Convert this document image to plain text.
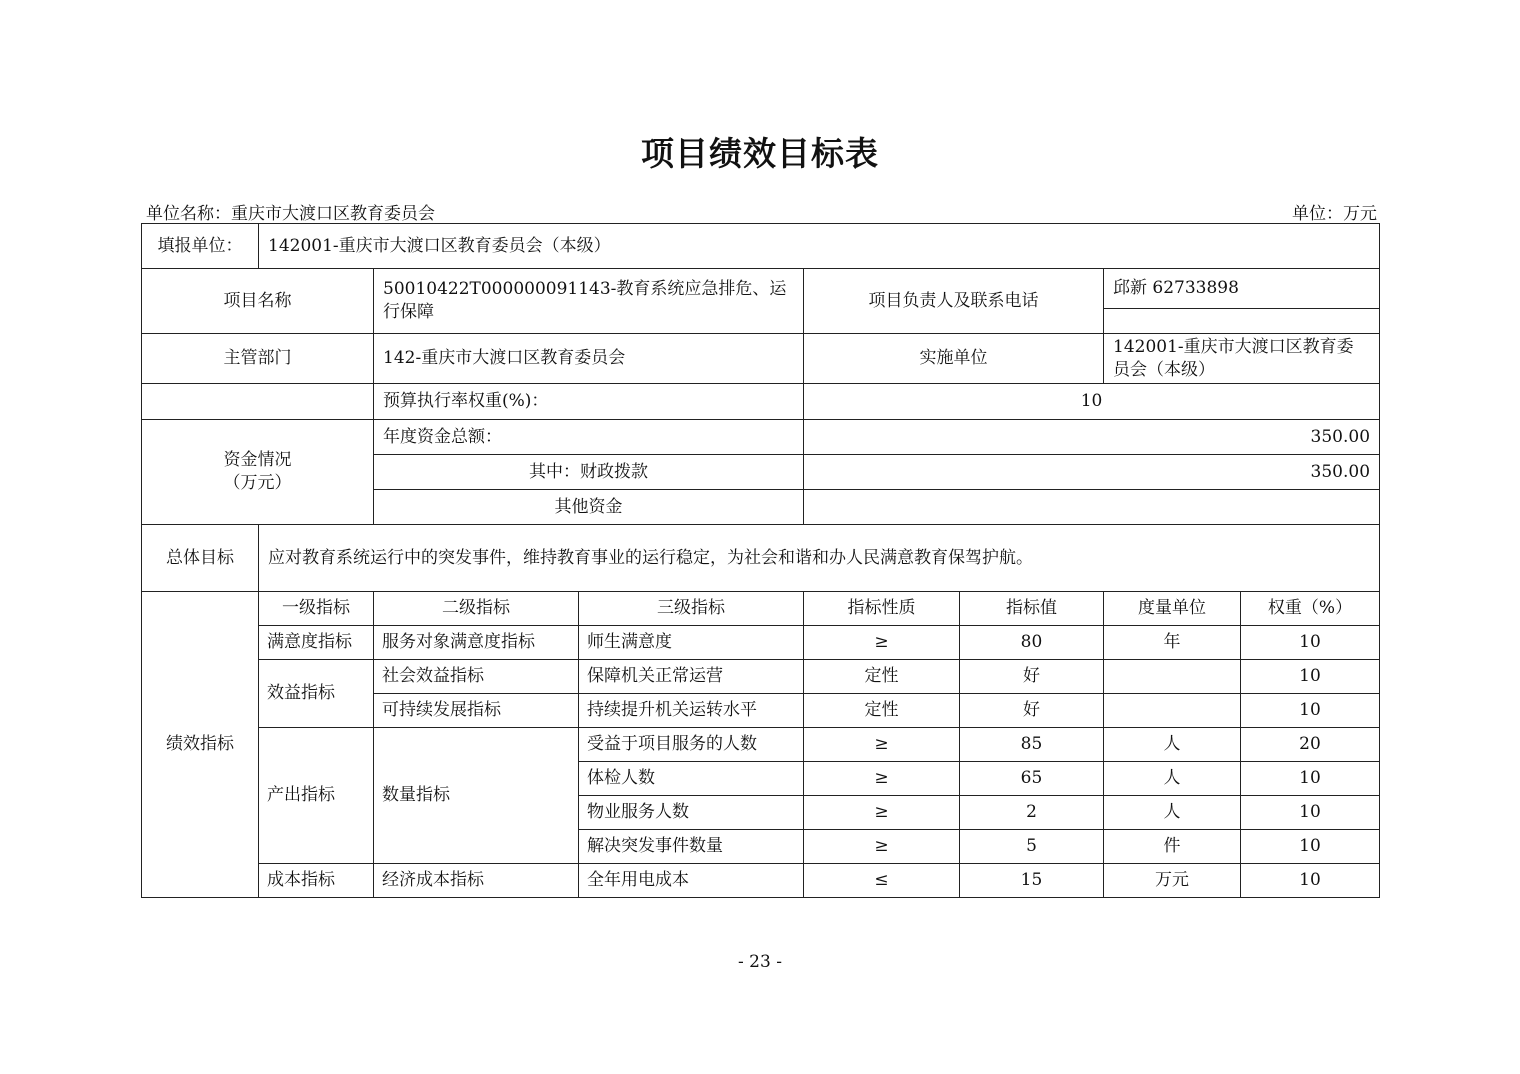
项目绩效目标表
单位名称：重庆市大渡口区教育委员会	单位：万元
填报单位：	142001-重庆市大渡口区教育委员会（本级）			
项目名称		50010422T000000091143-教育系统应急排危、运行保障	项目负责人及联系电话	邱新 62733898

主管部门		142-重庆市大渡口区教育委员会	实施单位	142001-重庆市大渡口区教育委员会（本级）
		预算执行率权重(%)：	10	

资金情况
（万元）		年度资金总额：	350.00	
		其中：财政拨款	350.00	
		其他资金		
总体目标	应对教育系统运行中的突发事件，维持教育事业的运行稳定，为社会和谐和办人民满意教育保驾护航。			
绩效指标	一级指标	二级指标	三级指标	指标性质	指标值	度量单位	权重（%）
	满意度指标	服务对象满意度指标	师生满意度	≥	80	年	10
	效益指标	社会效益指标	保障机关正常运营	定性	好		10
		可持续发展指标	持续提升机关运转水平	定性	好		10
	产出指标	数量指标	受益于项目服务的人数	≥	85	人	20
			体检人数	≥	65	人	10
			物业服务人数	≥	2	人	10
			解决突发事件数量	≥	5	件	10
	成本指标	经济成本指标	全年用电成本	≤	15	万元	10
- 23 -
